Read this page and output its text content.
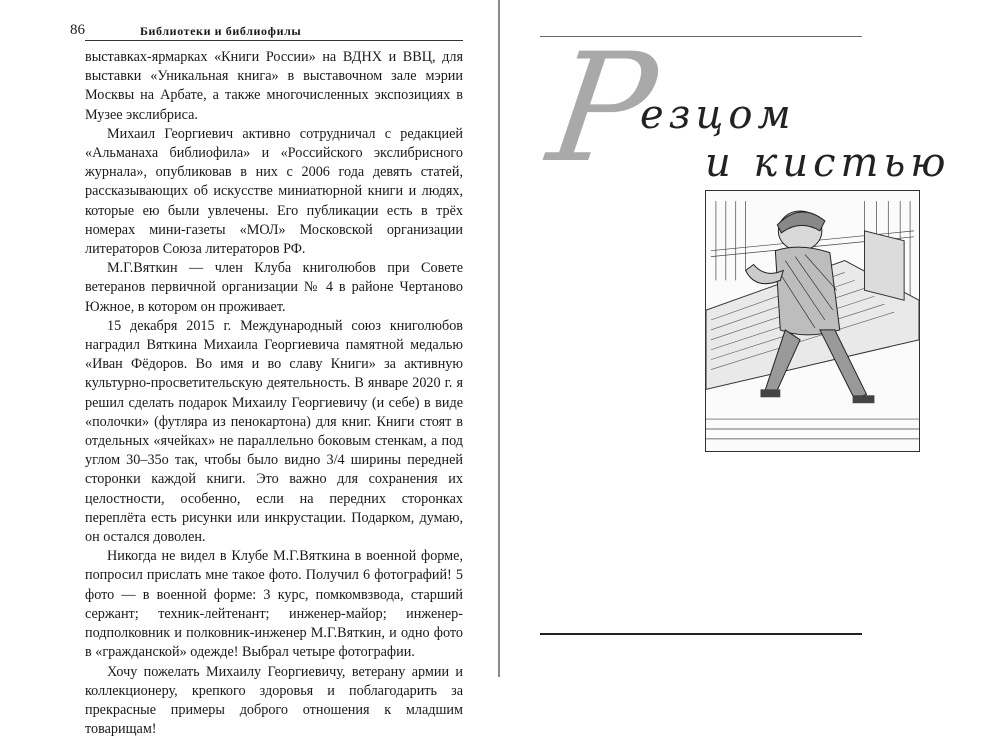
86	Библиотеки и библиофилы

выставках-ярмарках «Книги России» на ВДНХ и ВВЦ, для выставки «Уникальная книга» в выставочном зале мэрии Москвы на Арбате, а также многочисленных экспозициях в Музее экслибриса.

Михаил Георгиевич активно сотрудничал с редакцией «Альманаха библиофила» и «Российского экслибрисного журнала», опубликовав в них с 2006 года девять статей, рассказывающих об искусстве миниатюрной книги и людях, которые ею были увлечены. Его публикации есть в трёх номерах мини-газеты «МОЛ» Московской организации литераторов Союза литераторов РФ.

М.Г.Вяткин — член Клуба книголюбов при Совете ветеранов первичной организации № 4 в районе Чертаново Южное, в котором он проживает.

15 декабря 2015 г. Международный союз книголюбов наградил Вяткина Михаила Георгиевича памятной медалью «Иван Фёдоров. Во имя и во славу Книги» за активную культурно-просветительскую деятельность. В январе 2020 г. я решил сделать подарок Михаилу Георгиевичу (и себе) в виде «полочки» (футляра из пенокартона) для книг. Книги стоят в отдельных «ячейках» не параллельно боковым стенкам, а под углом 30–35o так, чтобы было видно 3/4 ширины передней сторонки каждой книги. Это важно для сохранения их целостности, особенно, если на передних сторонках переплёта есть рисунки или инкрустации. Подарком, думаю, он остался доволен.

Никогда не видел в Клубе М.Г.Вяткина в военной форме, попросил прислать мне такое фото. Получил 6 фотографий! 5 фото — в военной форме: 3 курс, помкомвзвода, старший сержант; техник-лейтенант; инженер-майор; инженер-подполковник и полковник-инженер М.Г.Вяткин, и одно фото в «гражданской» одежде! Выбрал четыре фотографии.

Хочу пожелать Михаилу Георгиевичу, ветерану армии и коллекционеру, крепкого здоровья и поблагодарить за прекрасные примеры доброго отношения к младшим товарищам!

Р
езцом
и кистью
